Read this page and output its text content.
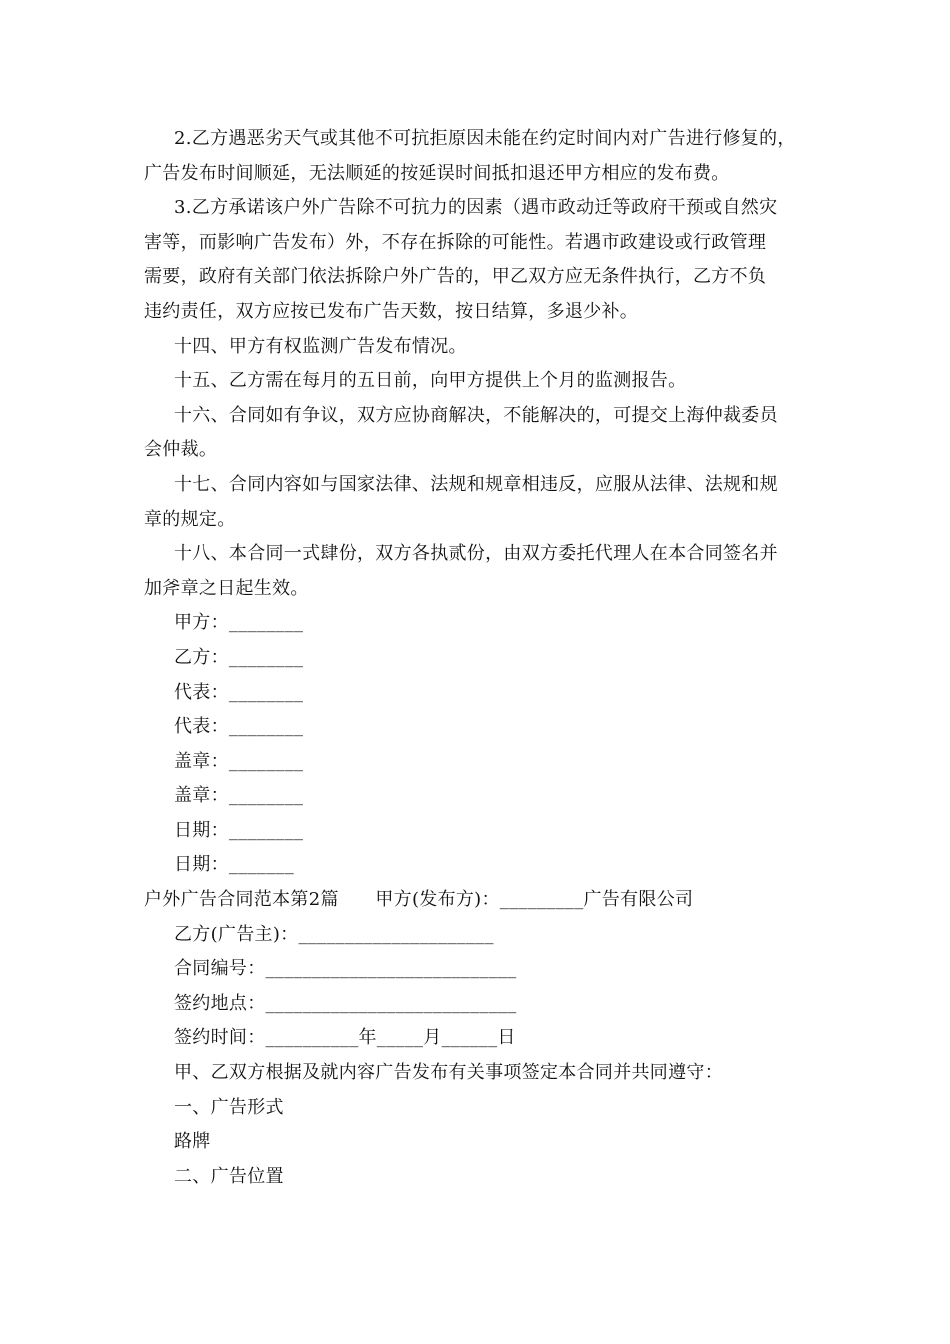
2.乙方遇恶劣天气或其他不可抗拒原因未能在约定时间内对广告进行修复的，
广告发布时间顺延，无法顺延的按延误时间抵扣退还甲方相应的发布费。
3.乙方承诺该户外广告除不可抗力的因素（遇市政动迁等政府干预或自然灾
害等，而影响广告发布）外，不存在拆除的可能性。若遇市政建设或行政管理
需要，政府有关部门依法拆除户外广告的，甲乙双方应无条件执行，乙方不负
违约责任，双方应按已发布广告天数，按日结算，多退少补。
十四、甲方有权监测广告发布情况。
十五、乙方需在每月的五日前，向甲方提供上个月的监测报告。
十六、合同如有争议，双方应协商解决，不能解决的，可提交上海仲裁委员
会仲裁。
十七、合同内容如与国家法律、法规和规章相违反，应服从法律、法规和规
章的规定。
十八、本合同一式肆份，双方各执贰份，由双方委托代理人在本合同签名并
加斧章之日起生效。
甲方：________
乙方：________
代表：________
代表：________
盖章：________
盖章：________
日期：________
日期：_______
户外广告合同范本第2篇　　甲方(发布方)：_________广告有限公司
乙方(广告主)：_____________________
合同编号：___________________________
签约地点：___________________________
签约时间：__________年_____月______日
甲、乙双方根据及就内容广告发布有关事项签定本合同并共同遵守：
一、广告形式
路牌
二、广告位置
